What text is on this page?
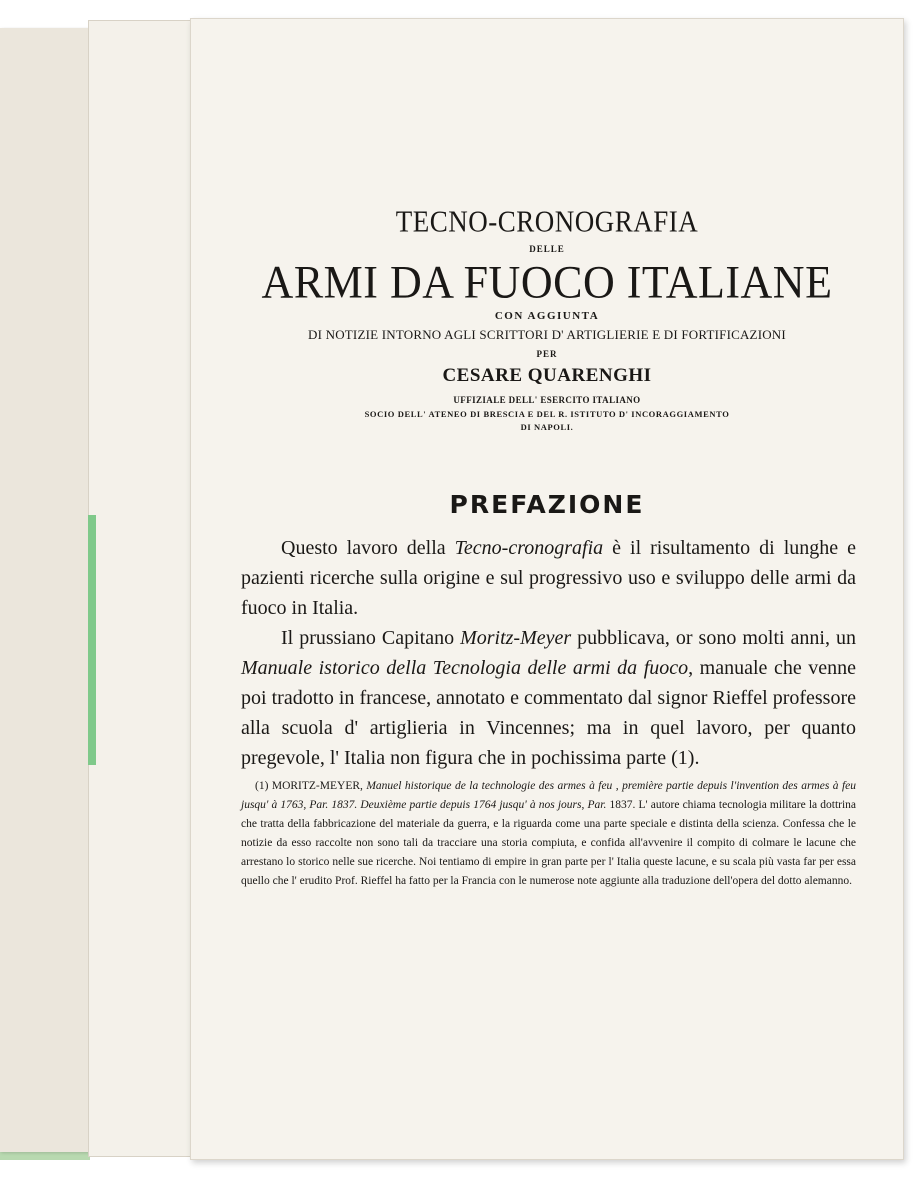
TECNO-CRONOGRAFIA
DELLE
ARMI DA FUOCO ITALIANE
CON AGGIUNTA
DI NOTIZIE INTORNO AGLI SCRITTORI D' ARTIGLIERIE E DI FORTIFICAZIONI
PER
CESARE QUARENGHI
UFFIZIALE DELL' ESERCITO ITALIANO
SOCIO DELL' ATENEO DI BRESCIA E DEL R. ISTITUTO D' INCORAGGIAMENTO
DI NAPOLI.
PREFAZIONE

Questo lavoro della Tecno-cronografia è il risultamento di lunghe e pazienti ricerche sulla origine e sul progressivo uso e sviluppo delle armi da fuoco in Italia.

Il prussiano Capitano Moritz-Meyer pubblicava, or sono molti anni, un Manuale istorico della Tecnologia delle armi da fuoco, manuale che venne poi tradotto in francese, annotato e commentato dal signor Rieffel professore alla scuola d' artiglieria in Vincennes; ma in quel lavoro, per quanto pregevole, l' Italia non figura che in pochissima parte (1).

(1) MORITZ-MEYER, Manuel historique de la technologie des armes à feu , première partie depuis l'invention des armes à feu jusqu' à 1763, Par. 1837. Deuxième partie depuis 1764 jusqu' à nos jours, Par. 1837. L' autore chiama tecnologia militare la dottrina che tratta della fabbricazione del materiale da guerra, e la riguarda come una parte speciale e distinta della scienza. Confessa che le notizie da esso raccolte non sono tali da tracciare una storia compiuta, e confida all'avvenire il compito di colmare le lacune che arrestano lo storico nelle sue ricerche. Noi tentiamo di empire in gran parte per l' Italia queste lacune, e su scala più vasta far per essa quello che l' erudito Prof. Rieffel ha fatto per la Francia con le numerose note aggiunte alla traduzione dell'opera del dotto alemanno.
